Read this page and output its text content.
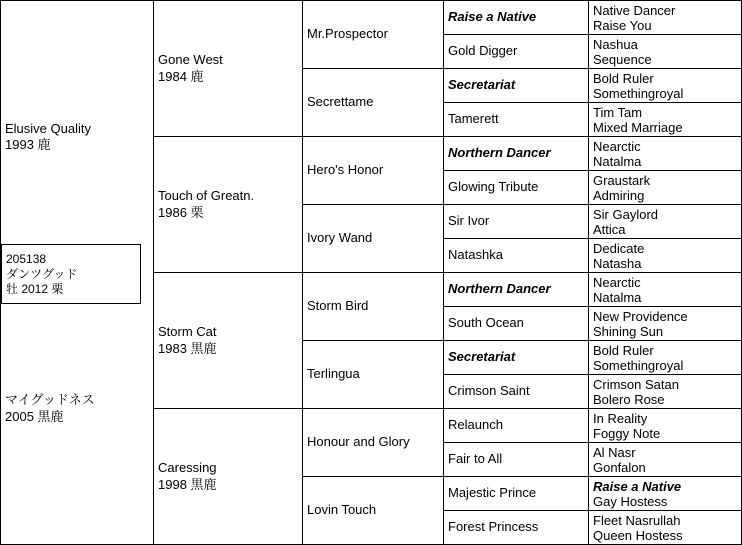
Elusive Quality
1993 鹿
マイグッドネス
2005 黒鹿
205138
ダンツグッド
牡 2012 栗
Gone West
1984 鹿
Touch of Greatn.
1986 栗
Storm Cat
1983 黒鹿
Caressing
1998 黒鹿
Mr.Prospector
Secrettame
Hero's Honor
Ivory Wand
Storm Bird
Terlingua
Honour and Glory
Lovin Touch
Raise a Native
Gold Digger
Secretariat
Tamerett
Northern Dancer
Glowing Tribute
Sir Ivor
Natashka
Northern Dancer
South Ocean
Secretariat
Crimson Saint
Relaunch
Fair to All
Majestic Prince
Forest Princess
Native Dancer
Raise You
Nashua
Sequence
Bold Ruler
Somethingroyal
Tim Tam
Mixed Marriage
Nearctic
Natalma
Graustark
Admiring
Sir Gaylord
Attica
Dedicate
Natasha
Nearctic
Natalma
New Providence
Shining Sun
Bold Ruler
Somethingroyal
Crimson Satan
Bolero Rose
In Reality
Foggy Note
Al Nasr
Gonfalon
Raise a Native
Gay Hostess
Fleet Nasrullah
Queen Hostess
